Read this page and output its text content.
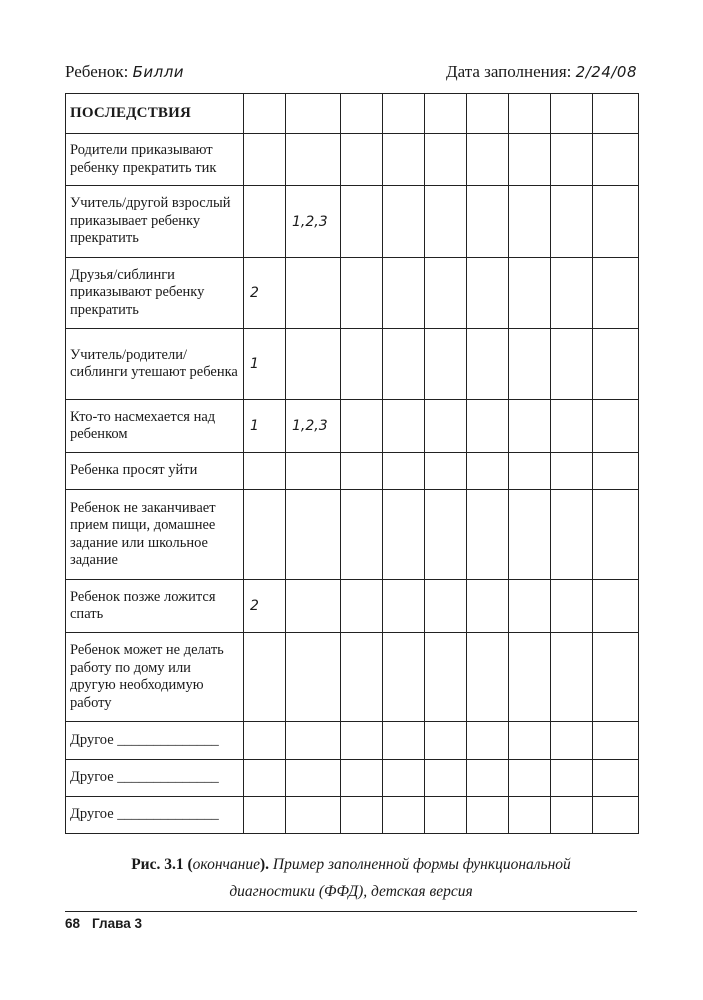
Ребенок: Билли	Дата заполнения: 2/24/08
ПОСЛЕДСТВИЯ									
Родители приказывают ребенку прекратить тик									
Учитель/другой взрослый приказывает ребенку прекратить		1,2,3							
Друзья/сиблинги приказывают ребенку прекратить	2								
Учитель/родители/ сиблинги утешают ребенка	1								
Кто-то насмехается над ребенком	1	1,2,3							
Ребенка просят уйти									
Ребенок не заканчивает прием пищи, домашнее задание или школьное задание									
Ребенок позже ложится спать	2								
Ребенок может не делать работу по дому или другую необходимую работу									
Другое ______________									
Другое ______________									
Другое ______________									
Рис. 3.1 (окончание). Пример заполненной формы функциональной
диагностики (ФФД), детская версия
68 Глава 3
